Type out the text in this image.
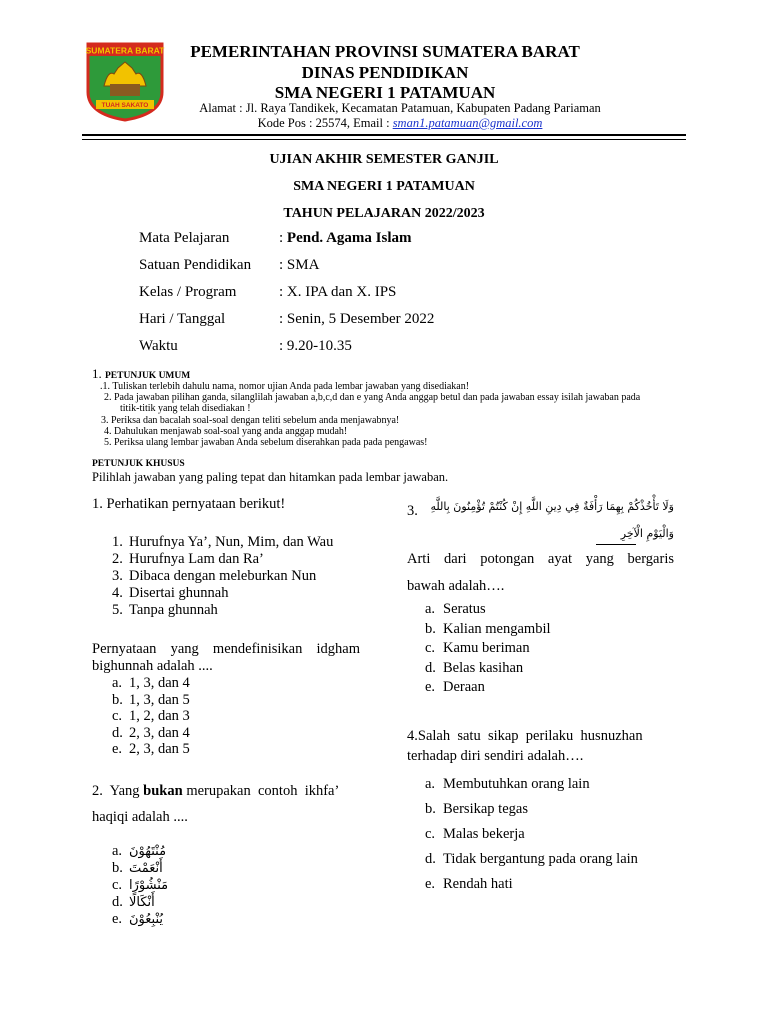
SUMATERA BARAT
TUAH SAKATO
PEMERINTAHAN PROVINSI SUMATERA BARAT
DINAS PENDIDIKAN
SMA NEGERI 1 PATAMUAN
Alamat : Jl. Raya Tandikek, Kecamatan Patamuan, Kabupaten Padang Pariaman
Kode Pos : 25574, Email : sman1.patamuan@gmail.com
UJIAN AKHIR SEMESTER GANJIL
SMA NEGERI 1 PATAMUAN
TAHUN PELAJARAN 2022/2023
Mata Pelajaran	: Pend. Agama Islam
Satuan Pendidikan : SMA
Kelas / Program	: X. IPA dan X. IPS
Hari / Tanggal	: Senin, 5 Desember 2022
Waktu	: 9.20-10.35
1. PETUNJUK UMUM
.1. Tuliskan terlebih dahulu nama, nomor ujian Anda pada lembar jawaban yang disediakan!
2. Pada jawaban pilihan ganda, silanglilah jawaban a,b,c,d dan e yang Anda anggap betul dan pada jawaban essay isilah jawaban pada
titik-titik yang telah disediakan !
3. Periksa dan bacalah soal-soal dengan teliti sebelum anda menjawabnya!
4. Dahulukan menjawab soal-soal yang anda anggap mudah!
5. Periksa ulang lembar jawaban Anda sebelum diserahkan pada pada pengawas!
PETUNJUK KHUSUS
Pilihlah jawaban yang paling tepat dan hitamkan pada lembar jawaban.
1. Perhatikan pernyataan berikut!
1. Hurufnya Ya’, Nun, Mim, dan Wau
2. Hurufnya Lam dan Ra’
3. Dibaca dengan meleburkan Nun
4. Disertai ghunnah
5. Tanpa ghunnah
Pernyataan yang mendefinisikan idgham
bighunnah adalah ....
a. 1, 3, dan 4
b. 1, 3, dan 5
c. 1, 2, dan 3
d. 2, 3, dan 4
e. 2, 3, dan 5
2.  Yang bukan merupakan  contoh  ikhfa’
haqiqi adalah ....
a. مُنْتَهُوْنَ
b. أَنْعَمْتَ
c. مَنْشُوْرًا
d. أَنْكَالًا
e. يُنْبِعُوْنَ
3.	وَلَا تَأْخُذْكُمْ بِهِمَا رَأْفَةٌ فِي دِينِ اللَّهِ إِنْ كُنْتُمْ تُؤْمِنُونَ بِاللَّهِ
وَالْيَوْمِ الْآخِرِ
Arti dari potongan ayat yang bergaris
bawah adalah….
a. Seratus
b. Kalian mengambil
c. Kamu beriman
d. Belas kasihan
e. Deraan
4.Salah  satu  sikap  perilaku  husnuzhan
terhadap diri sendiri adalah….
a. Membutuhkan orang lain
b. Bersikap tegas
c. Malas bekerja
d. Tidak bergantung pada orang lain
e. Rendah hati
